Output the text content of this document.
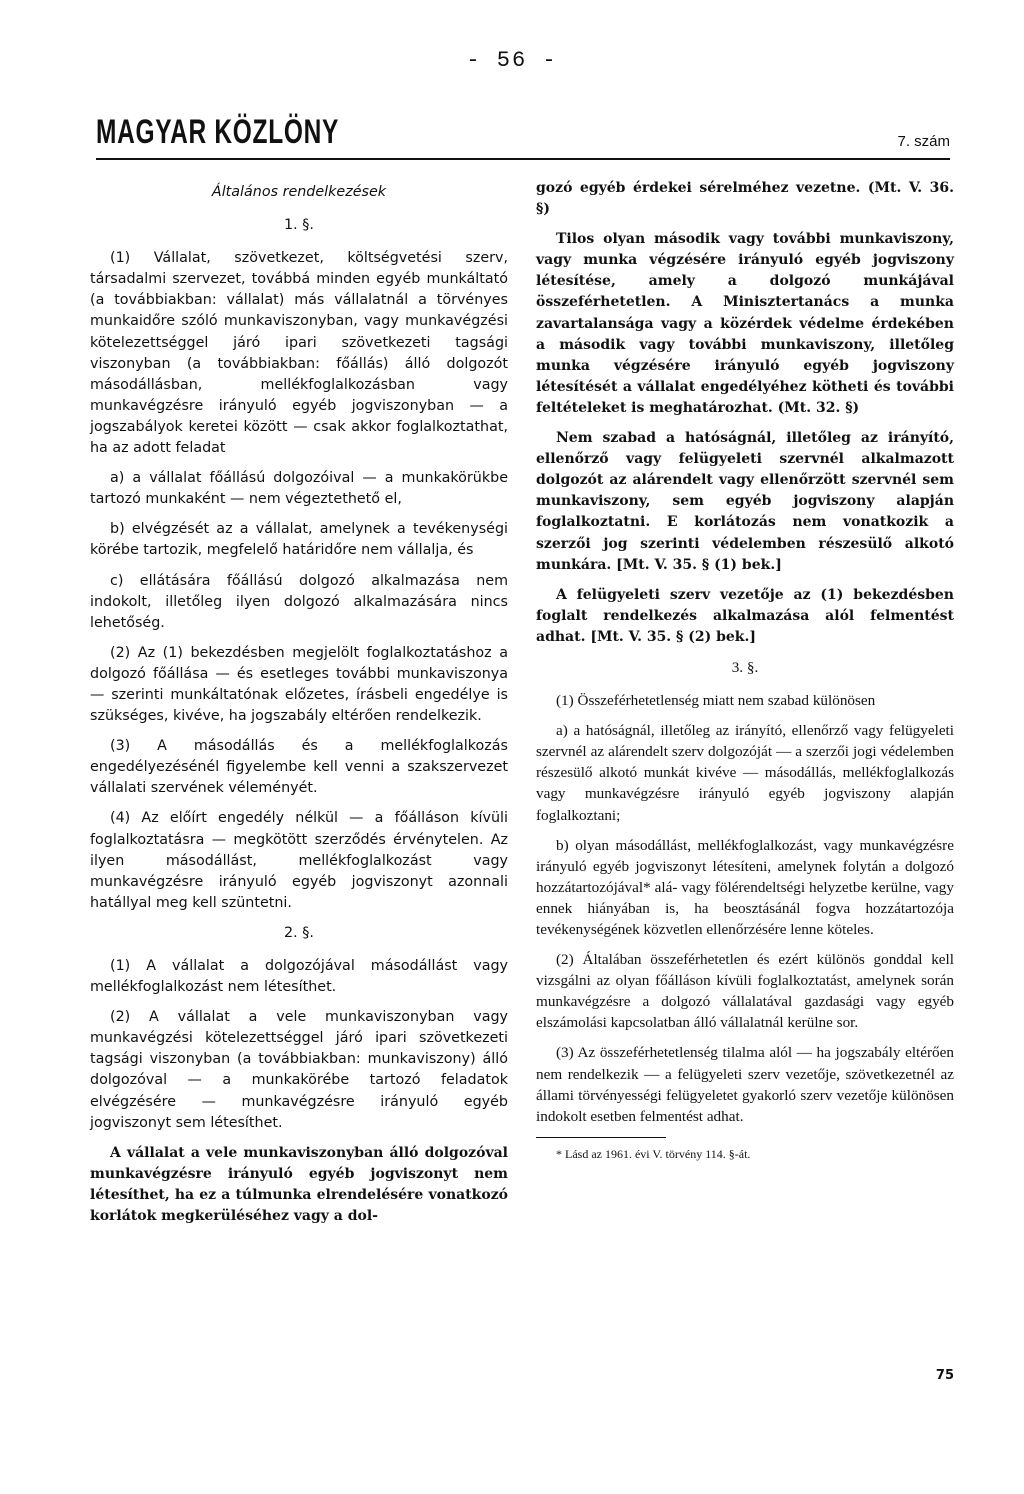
- 56 -
MAGYAR KÖZLÖNY	7. szám

Általános rendelkezések

1. §.

(1) Vállalat, szövetkezet, költségvetési szerv, társadalmi szervezet, továbbá minden egyéb munkáltató (a továbbiakban: vállalat) más vállalatnál a törvényes munkaidőre szóló munkaviszonyban, vagy munkavégzési kötelezettséggel járó ipari szövetkezeti tagsági viszonyban (a továbbiakban: főállás) álló dolgozót másodállásban, mellékfoglalkozásban vagy munkavégzésre irányuló egyéb jogviszonyban — a jogszabályok keretei között — csak akkor foglalkoztathat, ha az adott feladat

a) a vállalat főállású dolgozóival — a munkakörükbe tartozó munkaként — nem végeztethető el,

b) elvégzését az a vállalat, amelynek a tevékenységi körébe tartozik, megfelelő határidőre nem vállalja, és

c) ellátására főállású dolgozó alkalmazása nem indokolt, illetőleg ilyen dolgozó alkalmazására nincs lehetőség.

(2) Az (1) bekezdésben megjelölt foglalkoztatáshoz a dolgozó főállása — és esetleges további munkaviszonya — szerinti munkáltatónak előzetes, írásbeli engedélye is szükséges, kivéve, ha jogszabály eltérően rendelkezik.

(3) A másodállás és a mellékfoglalkozás engedélyezésénél figyelembe kell venni a szakszervezet vállalati szervének véleményét.

(4) Az előírt engedély nélkül — a főálláson kívüli foglalkoztatásra — megkötött szerződés érvénytelen. Az ilyen másodállást, mellékfoglalkozást vagy munkavégzésre irányuló egyéb jogviszonyt azonnali hatállyal meg kell szüntetni.

2. §.

(1) A vállalat a dolgozójával másodállást vagy mellékfoglalkozást nem létesíthet.

(2) A vállalat a vele munkaviszonyban vagy munkavégzési kötelezettséggel járó ipari szövetkezeti tagsági viszonyban (a továbbiakban: munkaviszony) álló dolgozóval — a munkakörébe tartozó feladatok elvégzésére — munkavégzésre irányuló egyéb jogviszonyt sem létesíthet.

A vállalat a vele munkaviszonyban álló dolgozóval munkavégzésre irányuló egyéb jogviszonyt nem létesíthet, ha ez a túlmunka elrendelésére vonatkozó korlátok megkerüléséhez vagy a dol-

gozó egyéb érdekei sérelméhez vezetne. (Mt. V. 36. §)

Tilos olyan második vagy további munkaviszony, vagy munka végzésére irányuló egyéb jogviszony létesítése, amely a dolgozó munkájával összeférhetetlen. A Minisztertanács a munka zavartalansága vagy a közérdek védelme érdekében a második vagy további munkaviszony, illetőleg munka végzésére irányuló egyéb jogviszony létesítését a vállalat engedélyéhez kötheti és további feltételeket is meghatározhat. (Mt. 32. §)

Nem szabad a hatóságnál, illetőleg az irányító, ellenőrző vagy felügyeleti szervnél alkalmazott dolgozót az alárendelt vagy ellenőrzött szervnél sem munkaviszony, sem egyéb jogviszony alapján foglalkoztatni. E korlátozás nem vonatkozik a szerzői jog szerinti védelemben részesülő alkotó munkára. [Mt. V. 35. § (1) bek.]

A felügyeleti szerv vezetője az (1) bekezdésben foglalt rendelkezés alkalmazása alól felmentést adhat. [Mt. V. 35. § (2) bek.]

3. §.

(1) Összeférhetetlenség miatt nem szabad különösen

a) a hatóságnál, illetőleg az irányító, ellenőrző vagy felügyeleti szervnél az alárendelt szerv dolgozóját — a szerzői jogi védelemben részesülő alkotó munkát kivéve — másodállás, mellékfoglalkozás vagy munkavégzésre irányuló egyéb jogviszony alapján foglalkoztani;

b) olyan másodállást, mellékfoglalkozást, vagy munkavégzésre irányuló egyéb jogviszonyt létesíteni, amelynek folytán a dolgozó hozzátartozójával* alá- vagy fölérendeltségi helyzetbe kerülne, vagy ennek hiányában is, ha beosztásánál fogva hozzátartozója tevékenységének közvetlen ellenőrzésére lenne köteles.

(2) Általában összeférhetetlen és ezért különös gonddal kell vizsgálni az olyan főálláson kívüli foglalkoztatást, amelynek során munkavégzésre a dolgozó vállalatával gazdasági vagy egyéb elszámolási kapcsolatban álló vállalatnál kerülne sor.

(3) Az összeférhetetlenség tilalma alól — ha jogszabály eltérően nem rendelkezik — a felügyeleti szerv vezetője, szövetkezetnél az állami törvényességi felügyeletet gyakorló szerv vezetője különösen indokolt esetben felmentést adhat.

* Lásd az 1961. évi V. törvény 114. §-át.

75
